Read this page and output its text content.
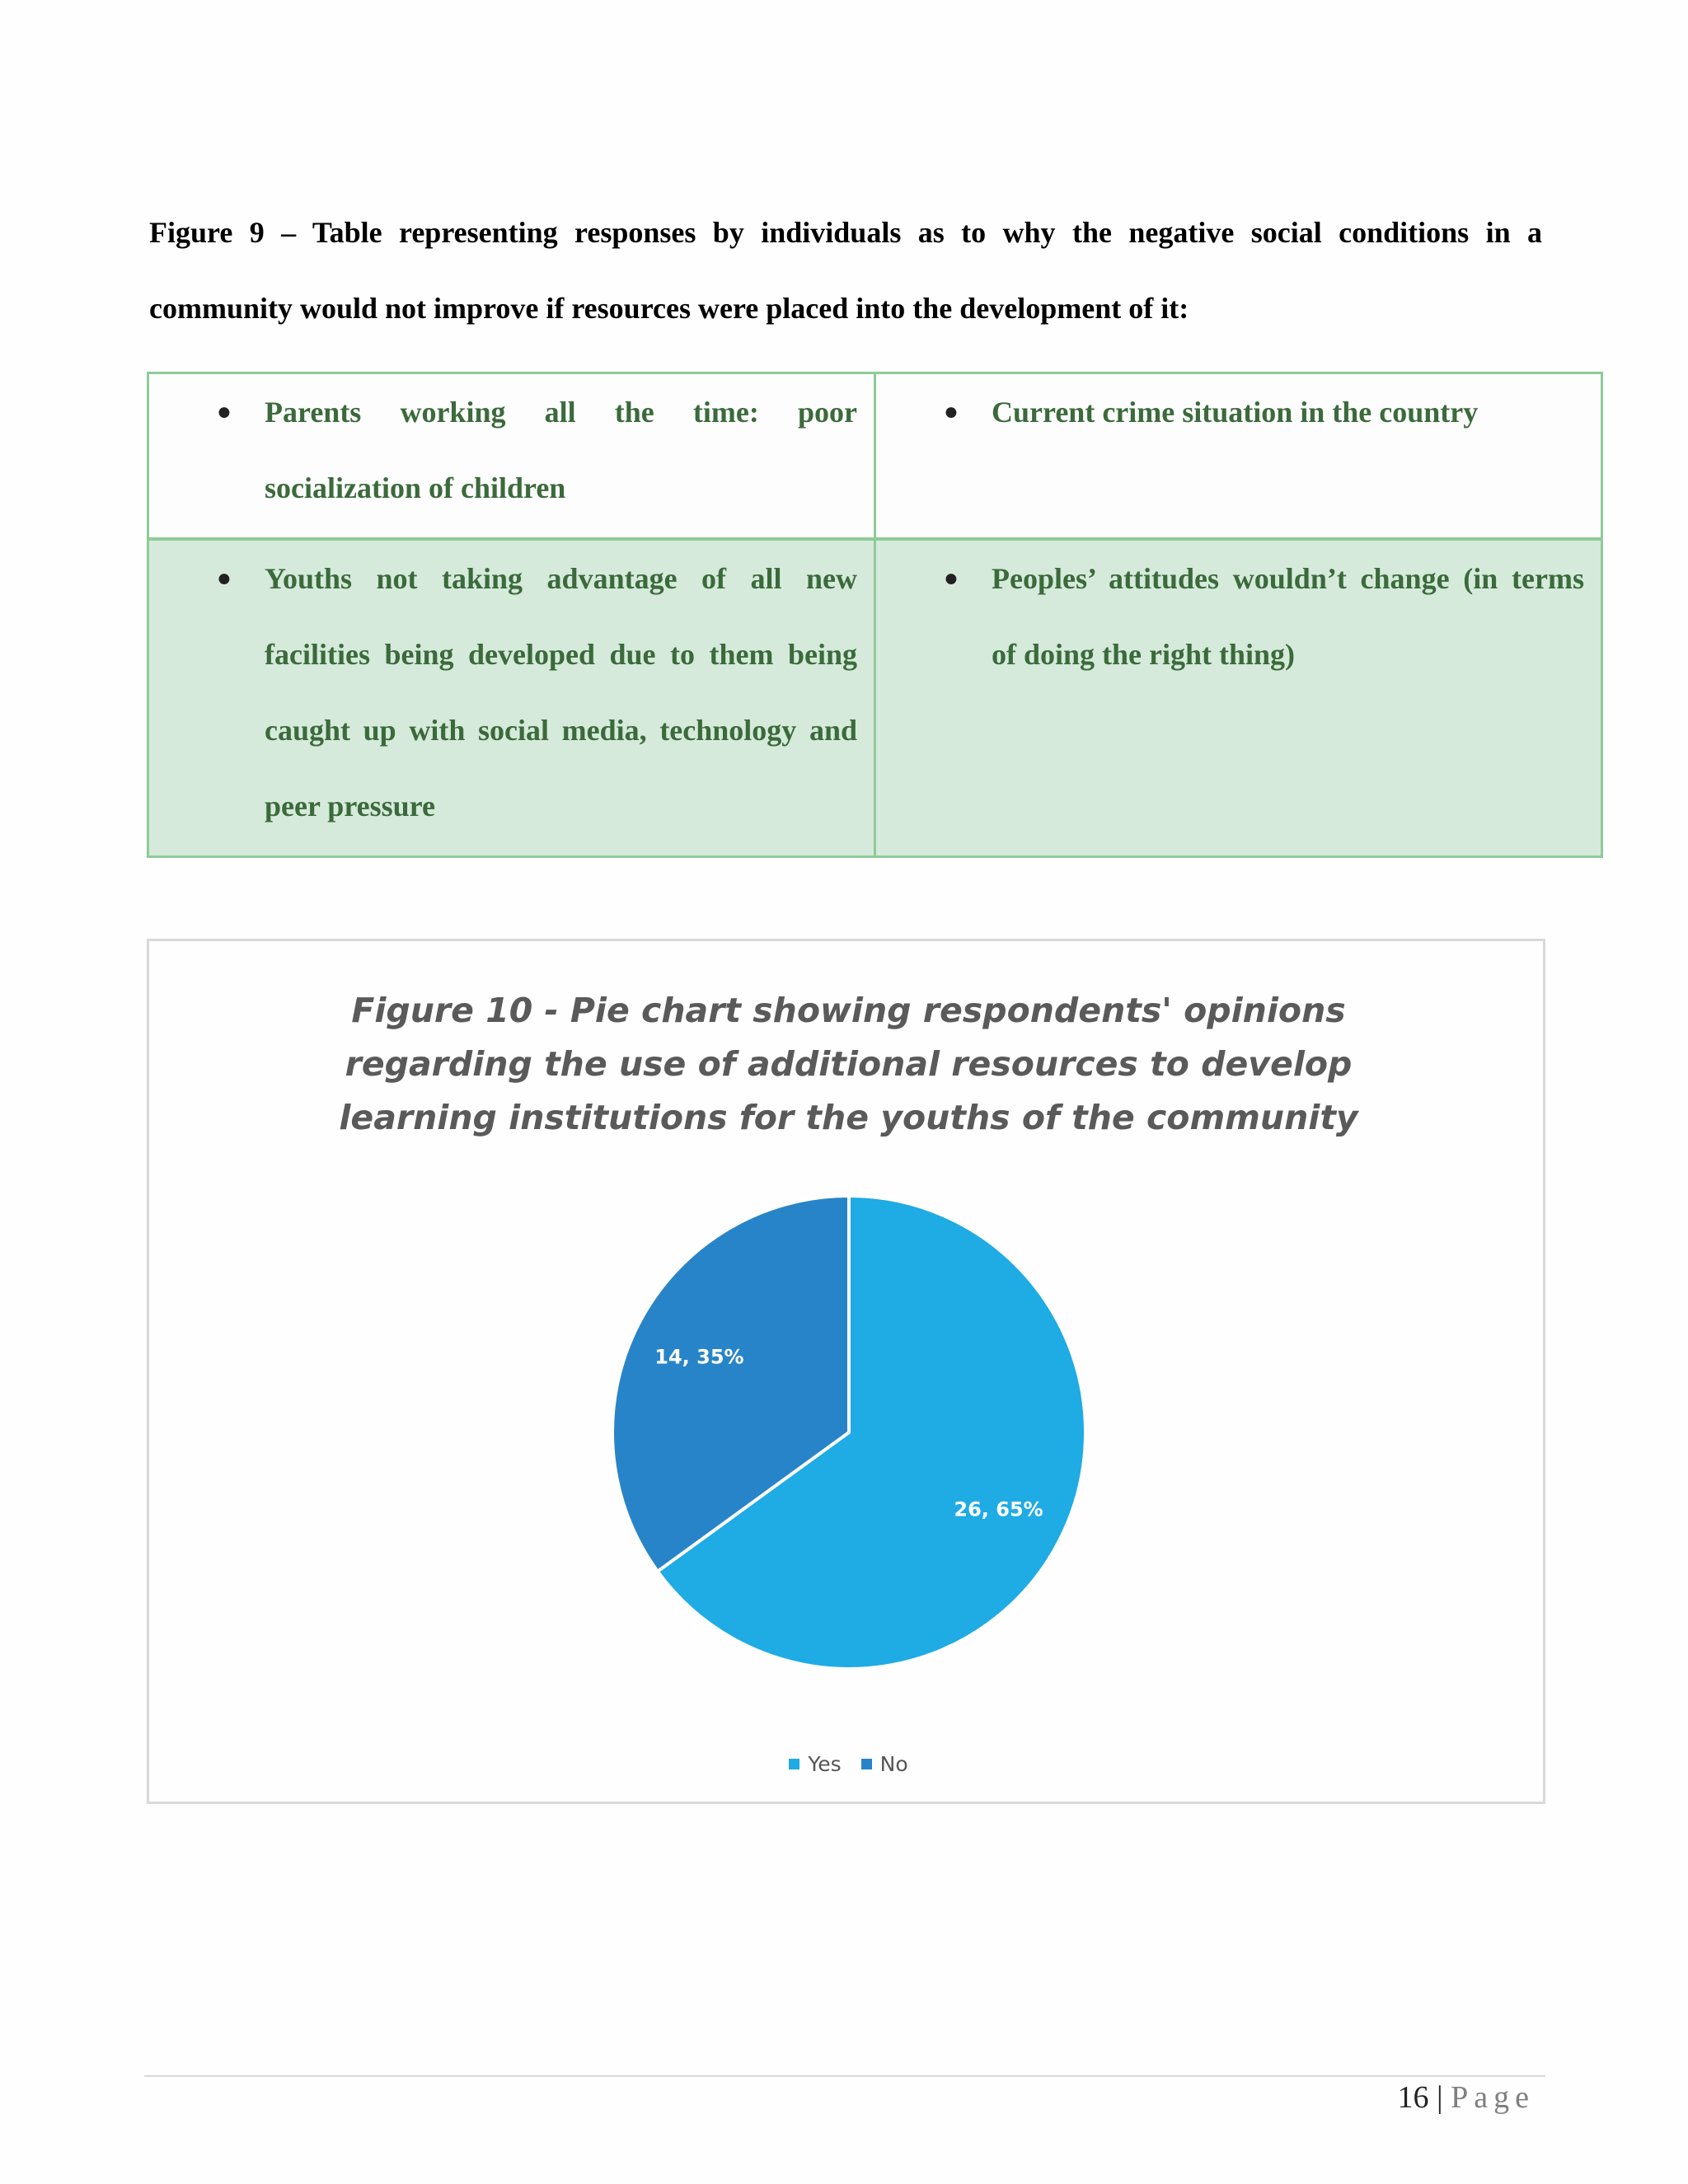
Figure 9 – Table representing responses by individuals as to why the negative social conditions in a community would not improve if resources were placed into the development of it:

● Parents working all the time: poor socialization of children	● Current crime situation in the country

● Youths not taking advantage of all new facilities being developed due to them being caught up with social media, technology and peer pressure	● Peoples’ attitudes wouldn’t change (in terms of doing the right thing)
Figure 10 - Pie chart showing respondents' opinions
regarding the use of additional resources to develop
learning institutions for the youths of the community
26, 65%
14, 35%
Yes No
16 | Page
